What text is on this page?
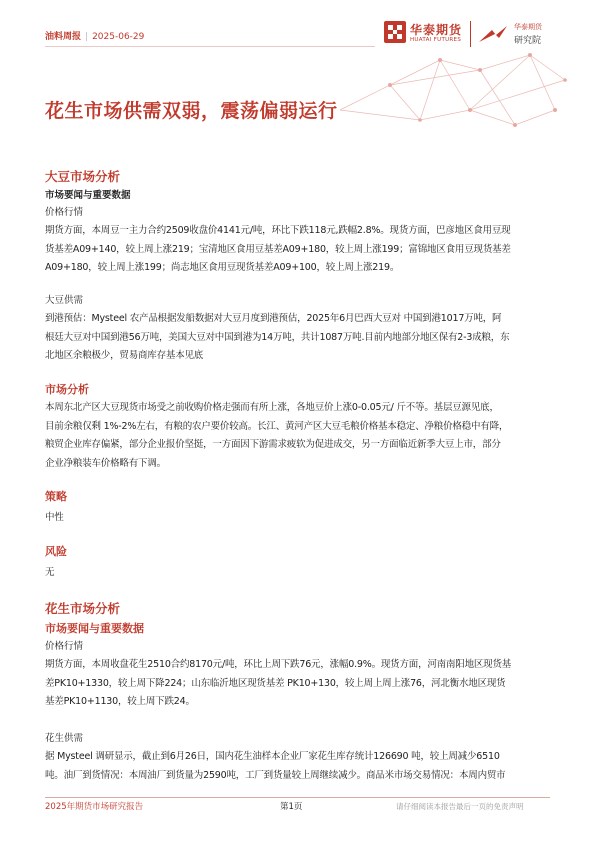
油料周报 | 2025-06-29	华泰期货
HUATAI FUTURES
华泰期货
研究院
花生市场供需双弱，震荡偏弱运行
大豆市场分析
市场要闻与重要数据
价格行情
期货方面，本周豆一主力合约2509收盘价4141元/吨，环比下跌118元,跌幅2.8%。现货方面，巴彦地区食用豆现
货基差A09+140，较上周上涨219；宝清地区食用豆基差A09+180，较上周上涨199；富锦地区食用豆现货基差
A09+180，较上周上涨199；尚志地区食用豆现货基差A09+100，较上周上涨219。
大豆供需
到港预估：Mysteel 农产品根据发船数据对大豆月度到港预估，2025年6月巴西大豆对 中国到港1017万吨，阿
根廷大豆对中国到港56万吨，美国大豆对中国到港为14万吨，共计1087万吨.目前内地部分地区保有2-3成粮，东
北地区余粮极少，贸易商库存基本见底
市场分析
本周东北产区大豆现货市场受之前收购价格走强而有所上涨，各地豆价上涨0-0.05元/ 斤不等。基层豆源见底，
目前余粮仅剩 1%-2%左右，有粮的农户要价较高。长江、黄河产区大豆毛粮价格基本稳定、净粮价格稳中有降，
粮贸企业库存偏紧，部分企业报价坚挺，一方面因下游需求疲软为促进成交，另一方面临近新季大豆上市，部分
企业净粮装车价格略有下调。
策略
中性
风险
无
花生市场分析
市场要闻与重要数据
价格行情
期货方面，本周收盘花生2510合约8170元/吨，环比上周下跌76元，涨幅0.9%。现货方面，河南南阳地区现货基
差PK10+1330，较上周下降224；山东临沂地区现货基差 PK10+130，较上周上周上涨76，河北衡水地区现货
基差PK10+1130，较上周下跌24。
花生供需
据 Mysteel 调研显示，截止到6月26日，国内花生油样本企业厂家花生库存统计126690 吨，较上周减少6510
吨。油厂到货情况：本周油厂到货量为2590吨，工厂到货量较上周继续减少。商品米市场交易情况：本周内贸市
2025年期货市场研究报告	第1页	请仔细阅读本报告最后一页的免责声明
